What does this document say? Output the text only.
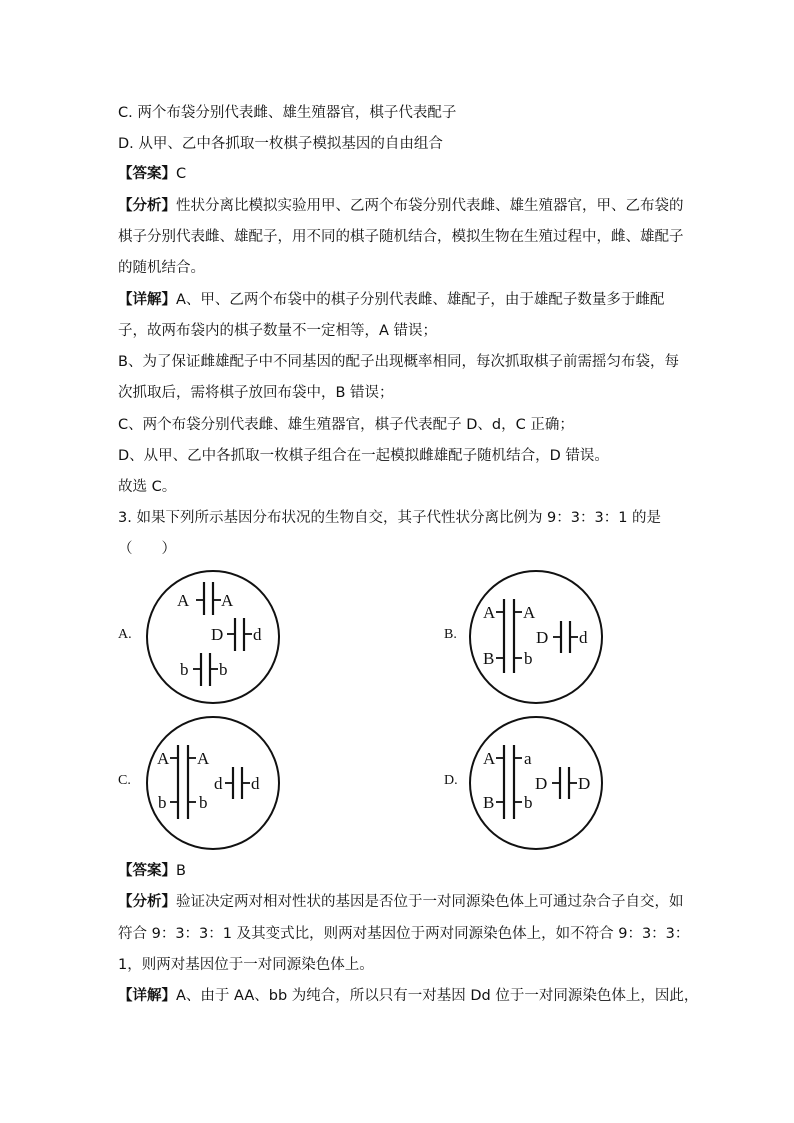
C. 两个布袋分别代表雌、雄生殖器官，棋子代表配子
D. 从甲、乙中各抓取一枚棋子模拟基因的自由组合
【答案】C
【分析】性状分离比模拟实验用甲、乙两个布袋分别代表雌、雄生殖器官，甲、乙布袋的
棋子分别代表雌、雄配子，用不同的棋子随机结合，模拟生物在生殖过程中，雌、雄配子
的随机结合。
【详解】A、甲、乙两个布袋中的棋子分别代表雌、雄配子，由于雄配子数量多于雌配
子，故两布袋内的棋子数量不一定相等，A 错误；
B、为了保证雌雄配子中不同基因的配子出现概率相同，每次抓取棋子前需摇匀布袋，每
次抓取后，需将棋子放回布袋中，B 错误；
C、两个布袋分别代表雌、雄生殖器官，棋子代表配子 D、d，C 正确；
D、从甲、乙中各抓取一枚棋子组合在一起模拟雌雄配子随机结合，D 错误。
故选 C。
3. 如果下列所示基因分布状况的生物自交，其子代性状分离比例为 9：3：3：1 的是
（　　）
A.	B.
C.	D.
A A
D d
b b
A A
B b
D d
A A
b b
d d
A a
B b
D D
【答案】B
【分析】验证决定两对相对性状的基因是否位于一对同源染色体上可通过杂合子自交，如
符合 9：3：3：1 及其变式比，则两对基因位于两对同源染色体上，如不符合 9：3：3：
1，则两对基因位于一对同源染色体上。
【详解】A、由于 AA、bb 为纯合，所以只有一对基因 Dd 位于一对同源染色体上，因此，
